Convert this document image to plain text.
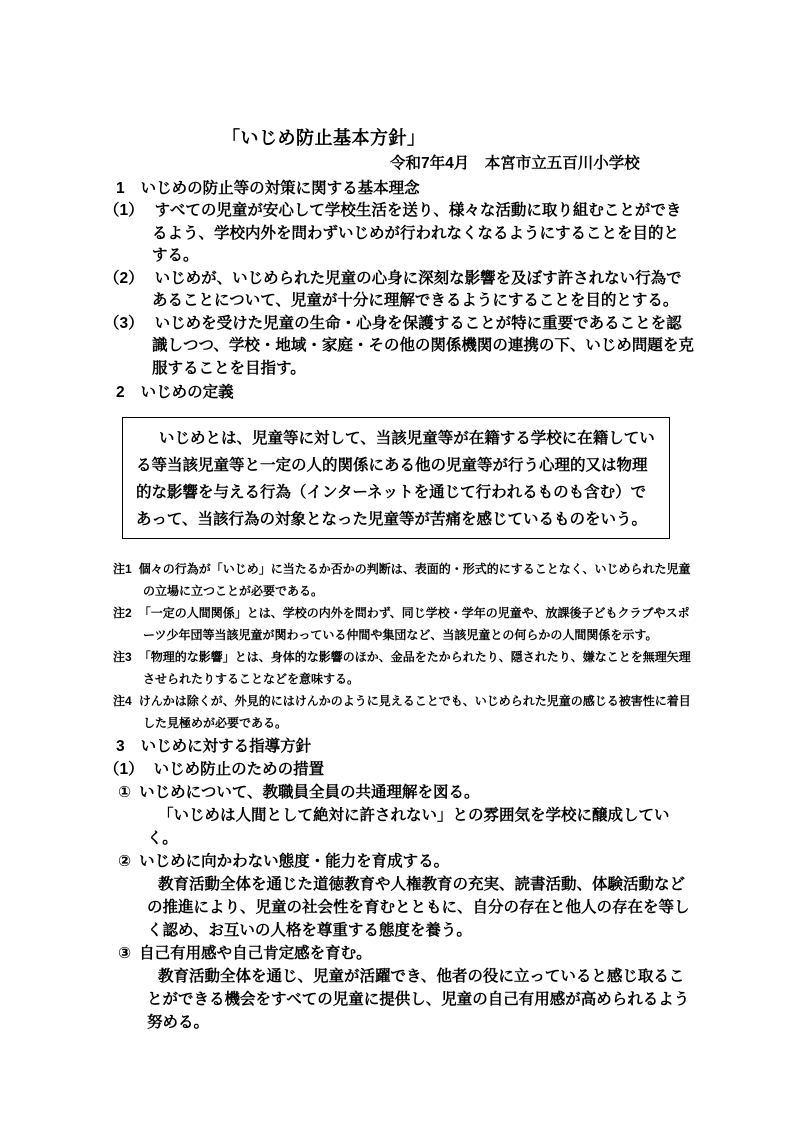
「いじめ防止基本方針」
令和7年4月　本宮市立五百川小学校
1 いじめの防止等の対策に関する基本理念

（1） すべての児童が安心して学校生活を送り、様々な活動に取り組むことができるよう、学校内外を問わずいじめが行われなくなるようにすることを目的とする。

（2） いじめが、いじめられた児童の心身に深刻な影響を及ぼす許されない行為であることについて、児童が十分に理解できるようにすることを目的とする。

（3） いじめを受けた児童の生命・心身を保護することが特に重要であることを認識しつつ、学校・地域・家庭・その他の関係機関の連携の下、いじめ問題を克服することを目指す。

2 いじめの定義

いじめとは、児童等に対して、当該児童等が在籍する学校に在籍している等当該児童等と一定の人的関係にある他の児童等が行う心理的又は物理的な影響を与える行為（インターネットを通じて行われるものも含む）であって、当該行為の対象となった児童等が苦痛を感じているものをいう。

注1 個々の行為が「いじめ」に当たるか否かの判断は、表面的・形式的にすることなく、いじめられた児童の立場に立つことが必要である。

注2 「一定の人間関係」とは、学校の内外を問わず、同じ学校・学年の児童や、放課後子どもクラブやスポーツ少年団等当該児童が関わっている仲間や集団など、当該児童との何らかの人間関係を示す。

注3 「物理的な影響」とは、身体的な影響のほか、金品をたかられたり、隠されたり、嫌なことを無理矢理させられたりすることなどを意味する。

注4 けんかは除くが、外見的にはけんかのように見えることでも、いじめられた児童の感じる被害性に着目した見極めが必要である。

3 いじめに対する指導方針

（1） いじめ防止のための措置

① いじめについて、教職員全員の共通理解を図る。

「いじめは人間として絶対に許されない」との雰囲気を学校に醸成していく。

② いじめに向かわない態度・能力を育成する。

教育活動全体を通じた道徳教育や人権教育の充実、読書活動、体験活動などの推進により、児童の社会性を育むとともに、自分の存在と他人の存在を等しく認め、お互いの人格を尊重する態度を養う。

③ 自己有用感や自己肯定感を育む。

教育活動全体を通じ、児童が活躍でき、他者の役に立っていると感じ取ることができる機会をすべての児童に提供し、児童の自己有用感が高められるよう努める。
